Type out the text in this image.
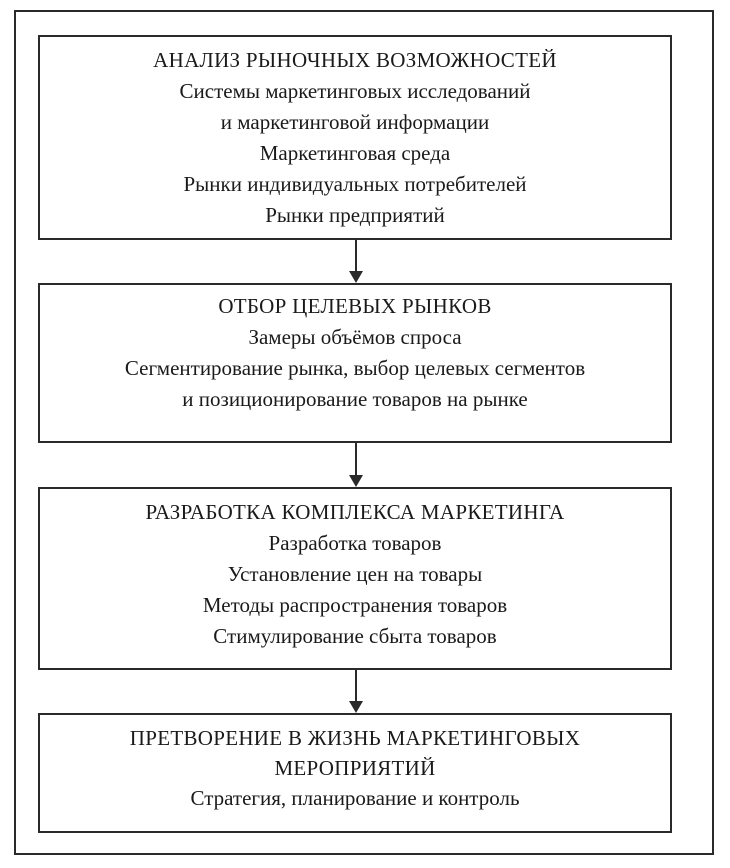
АНАЛИЗ РЫНОЧНЫХ ВОЗМОЖНОСТЕЙ
Системы маркетинговых исследований
и маркетинговой информации
Маркетинговая среда
Рынки индивидуальных потребителей
Рынки предприятий
ОТБОР ЦЕЛЕВЫХ РЫНКОВ
Замеры объёмов спроса
Сегментирование рынка, выбор целевых сегментов
и позиционирование товаров на рынке
РАЗРАБОТКА КОМПЛЕКСА МАРКЕТИНГА
Разработка товаров
Установление цен на товары
Методы распространения товаров
Стимулирование сбыта товаров
ПРЕТВОРЕНИЕ В ЖИЗНЬ МАРКЕТИНГОВЫХ
МЕРОПРИЯТИЙ
Стратегия, планирование и контроль
